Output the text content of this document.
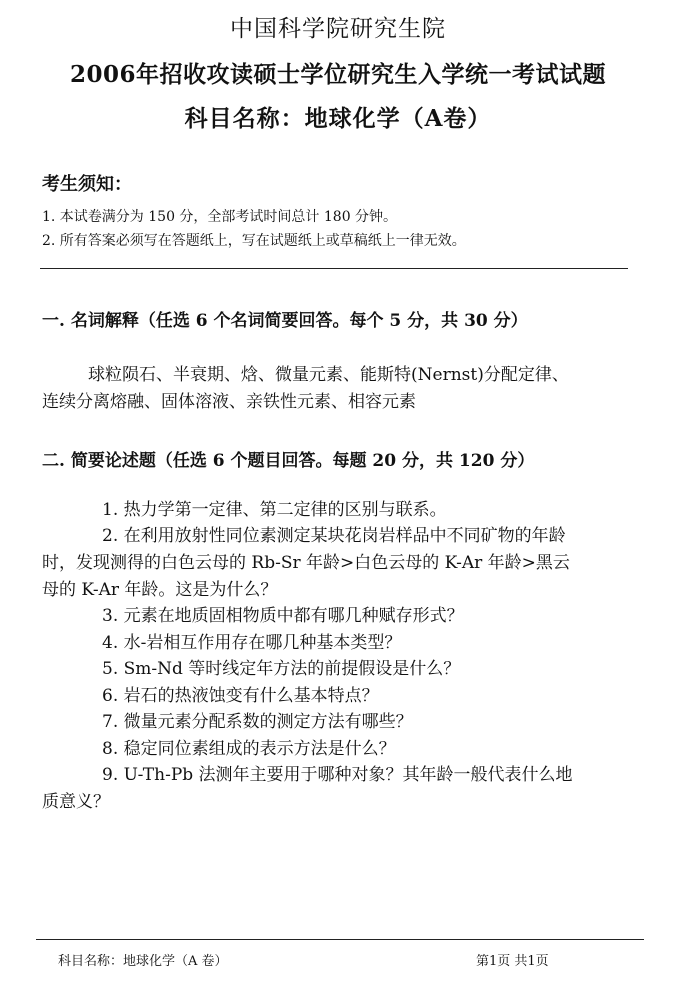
中国科学院研究生院
2006年招收攻读硕士学位研究生入学统一考试试题
科目名称：地球化学（A卷）
考生须知：
1. 本试卷满分为 150 分，全部考试时间总计 180 分钟。
2. 所有答案必须写在答题纸上，写在试题纸上或草稿纸上一律无效。
一. 名词解释（任选 6 个名词简要回答。每个 5 分，共 30 分）
球粒陨石、半衰期、焓、微量元素、能斯特(Nernst)分配定律、
连续分离熔融、固体溶液、亲铁性元素、相容元素
二. 简要论述题（任选 6 个题目回答。每题 20 分，共 120 分）
1. 热力学第一定律、第二定律的区别与联系。
2. 在利用放射性同位素测定某块花岗岩样品中不同矿物的年龄
时，发现测得的白色云母的 Rb-Sr 年龄>白色云母的 K-Ar 年龄>黑云
母的 K-Ar 年龄。这是为什么？
3. 元素在地质固相物质中都有哪几种赋存形式？
4. 水-岩相互作用存在哪几种基本类型？
5. Sm-Nd 等时线定年方法的前提假设是什么？
6. 岩石的热液蚀变有什么基本特点？
7. 微量元素分配系数的测定方法有哪些？
8. 稳定同位素组成的表示方法是什么？
9. U-Th-Pb 法测年主要用于哪种对象？其年龄一般代表什么地
质意义？
科目名称：地球化学（A 卷）	第1页 共1页
